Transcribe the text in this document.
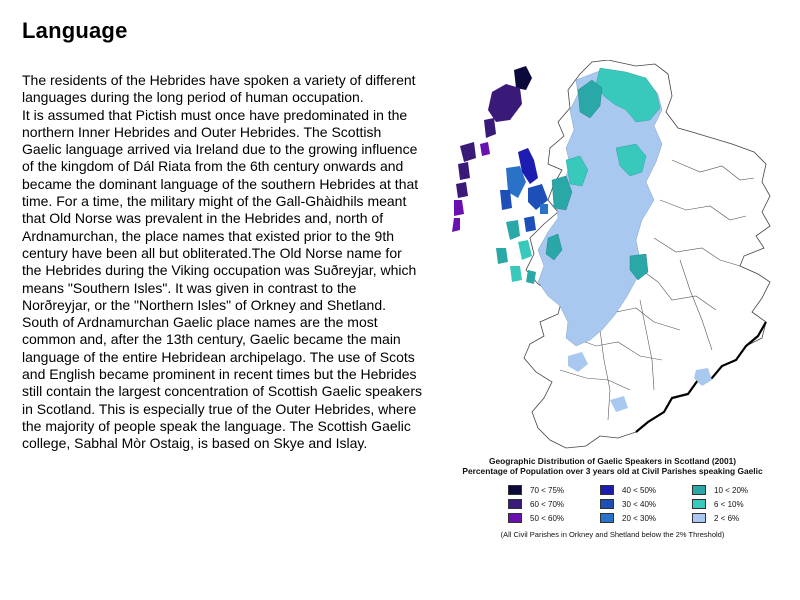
Language

The residents of the Hebrides have spoken a variety of different languages during the long period of human occupation.

It is assumed that Pictish must once have predominated in the northern Inner Hebrides and Outer Hebrides. The Scottish Gaelic language arrived via Ireland due to the growing influence of the kingdom of Dál Riata from the 6th century onwards and became the dominant language of the southern Hebrides at that time. For a time, the military might of the Gall-Ghàidhils meant that Old Norse was prevalent in the Hebrides and, north of Ardnamurchan, the place names that existed prior to the 9th century have been all but obliterated.The Old Norse name for the Hebrides during the Viking occupation was Suðreyjar, which means "Southern Isles". It was given in contrast to the Norðreyjar, or the "Northern Isles" of Orkney and Shetland.

South of Ardnamurchan Gaelic place names are the most common and, after the 13th century, Gaelic became the main language of the entire Hebridean archipelago. The use of Scots and English became prominent in recent times but the Hebrides still contain the largest concentration of Scottish Gaelic speakers in Scotland. This is especially true of the Outer Hebrides, where the majority of people speak the language. The Scottish Gaelic college, Sabhal Mòr Ostaig, is based on Skye and Islay.

Geographic Distribution of Gaelic Speakers in Scotland (2001)
Percentage of Population over 3 years old at Civil Parishes speaking Gaelic
70 < 75%	40 < 50%	10 < 20%
60 < 70%	30 < 40%	6 < 10%
50 < 60%	20 < 30%	2 < 6%
(All Civil Parishes in Orkney and Shetland below the 2% Threshold)
